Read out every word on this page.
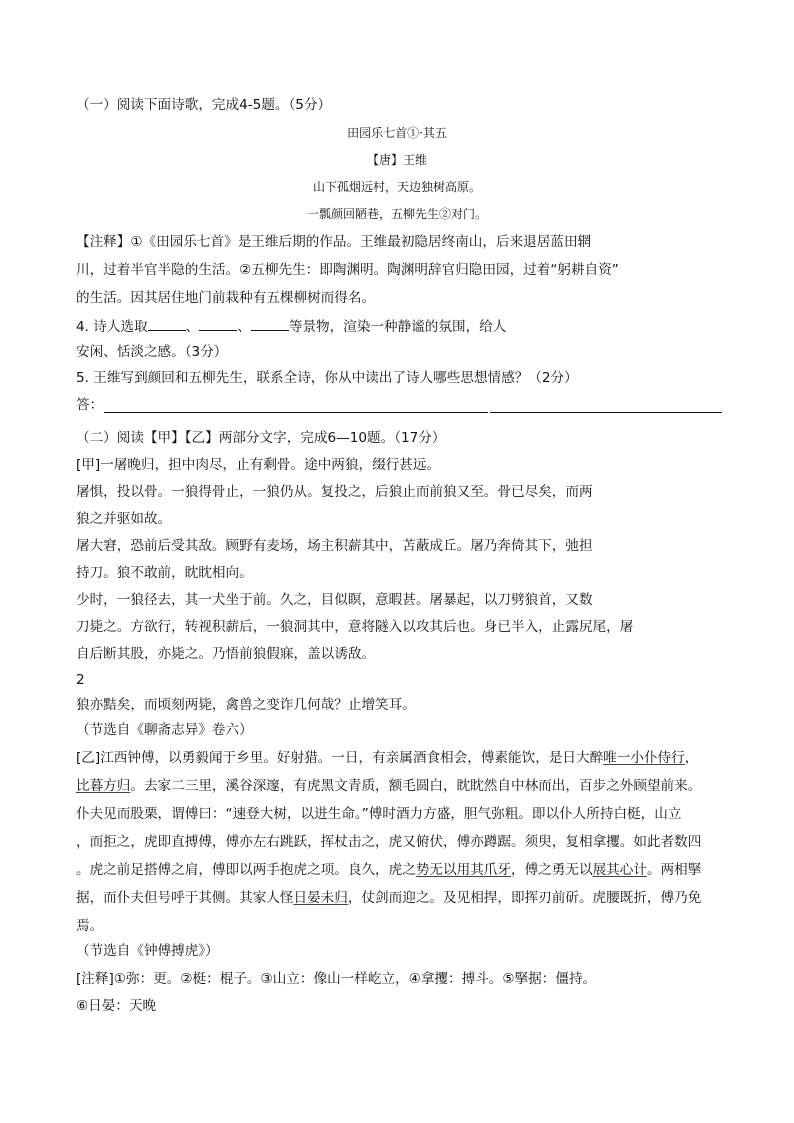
（一）阅读下面诗歌，完成4-5题。（5分）
田园乐七首①·其五
【唐】王维
山下孤烟远村，天边独树高原。
一瓢颜回陋巷，五柳先生②对门。
【注释】①《田园乐七首》是王维后期的作品。王维最初隐居终南山，后来退居蓝田辋
川，过着半官半隐的生活。②五柳先生：即陶渊明。陶渊明辞官归隐田园，过着“躬耕自资”
的生活。因其居住地门前栽种有五棵柳树而得名。
4. 诗人选取	、	、	等景物，渲染一种静谧的氛围，给人
安闲、恬淡之感。（3分）
5. 王维写到颜回和五柳先生，联系全诗，你从中读出了诗人哪些思想情感？（2分）
答：
（二）阅读【甲】【乙】两部分文字，完成6—10题。（17分）
[甲]一屠晚归，担中肉尽，止有剩骨。途中两狼，缀行甚远。
屠惧，投以骨。一狼得骨止，一狼仍从。复投之，后狼止而前狼又至。骨已尽矣，而两
狼之并驱如故。
屠大窘，恐前后受其敌。顾野有麦场，场主积薪其中，苫蔽成丘。屠乃奔倚其下，弛担
持刀。狼不敢前，眈眈相向。
少时，一狼径去，其一犬坐于前。久之，目似瞑，意暇甚。屠暴起，以刀劈狼首，又数
刀毙之。方欲行，转视积薪后，一狼洞其中，意将隧入以攻其后也。身已半入，止露尻尾，屠
自后断其股，亦毙之。乃悟前狼假寐，盖以诱敌。
2
狼亦黠矣，而顷刻两毙，禽兽之变诈几何哉？止增笑耳。
（节选自《聊斋志异》卷六）
[乙]江西钟傅，以勇毅闻于乡里。好射猎。一日，有亲属酒食相会，傅素能饮，是日大醉唯一小仆侍行，
比暮方归。去家二三里，溪谷深邃，有虎黑文青质，额毛圆白，眈眈然自中林而出，百步之外顾望前来。
仆夫见而股栗，谓傅曰：“速登大树，以进生命。”傅时酒力方盛，胆气弥粗。即以仆人所持白梃，山立
，而拒之，虎即直搏傅，傅亦左右跳跃，挥杖击之，虎又俯伏，傅亦蹲踞。须臾，复相拿攫。如此者数四
。虎之前足搭傅之肩，傅即以两手抱虎之项。良久，虎之势无以用其爪牙，傅之勇无以展其心计。两相掔
据，而仆夫但号呼于其侧。其家人怪日晏未归，仗剑而迎之。及见相捍，即挥刃前斫。虎腰既折，傅乃免
焉。
（节选自《钟傅搏虎》）
[注释]①弥：更。②梃：棍子。③山立：像山一样屹立，④拿攫：搏斗。⑤掔据：僵持。
⑥日晏：天晚
